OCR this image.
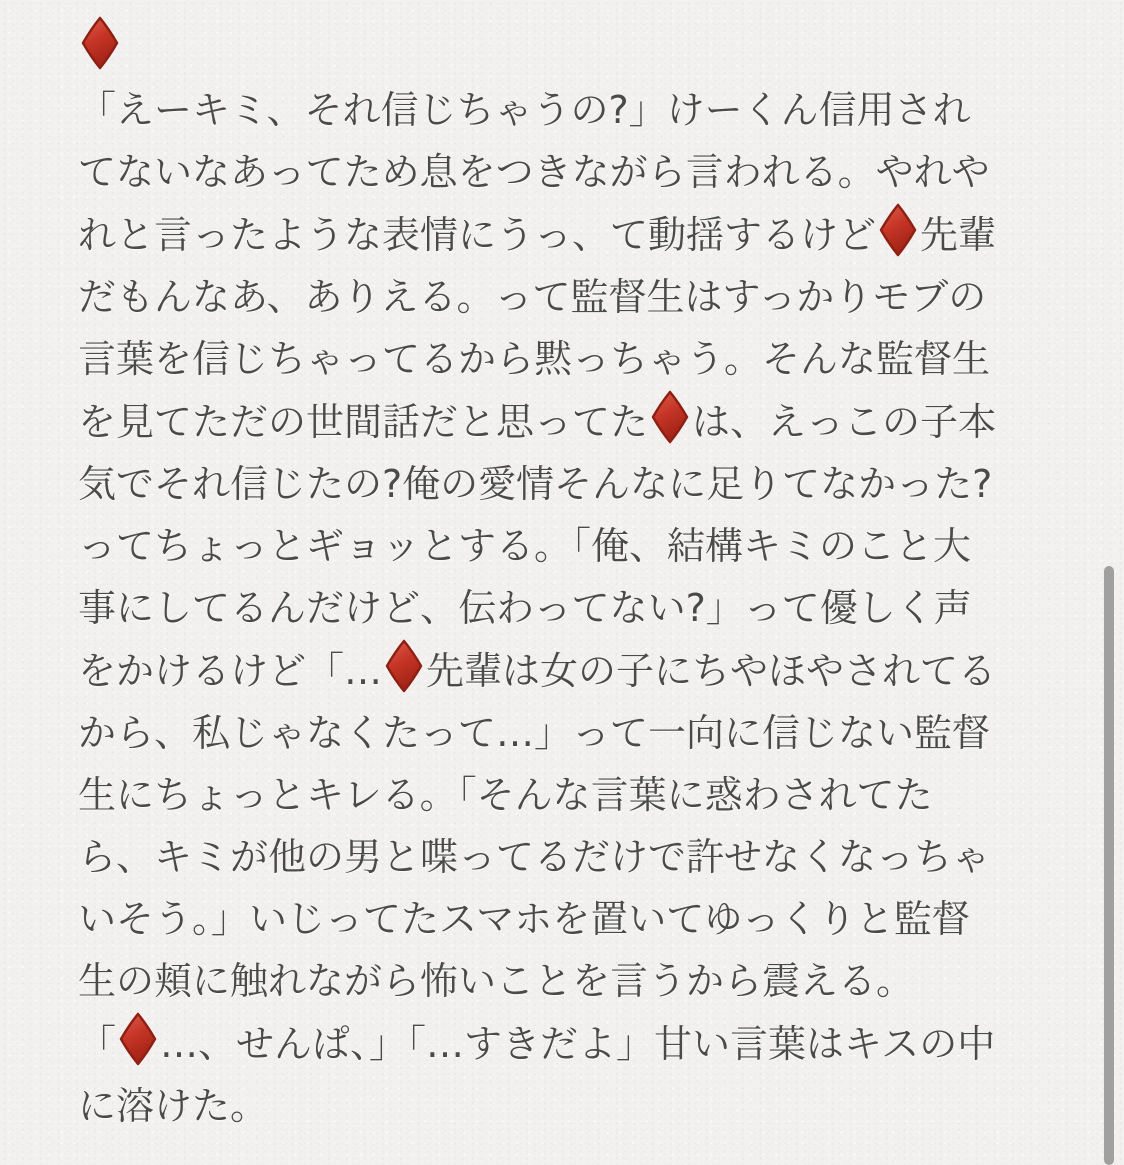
「えーキミ、それ信じちゃうの?」けーくん信用されてないなあってため息をつきながら言われる。やれやれと言ったような表情にうっ、て動揺するけど 先輩だもんなあ、ありえる。って監督生はすっかりモブの言葉を信じちゃってるから黙っちゃう。そんな監督生を見てただの世間話だと思ってた は、えっこの子本気でそれ信じたの?俺の愛情そんなに足りてなかった?ってちょっとギョッとする。「俺、結構キミのこと大事にしてるんだけど、伝わってない?」って優しく声をかけるけど「… 先輩は女の子にちやほやされてるから、私じゃなくたって…」って一向に信じない監督生にちょっとキレる。「そんな言葉に惑わされてたら、キミが他の男と喋ってるだけで許せなくなっちゃいそう。」いじってたスマホを置いてゆっくりと監督生の頬に触れながら怖いことを言うから震える。

「 …、せんぱ、」「…すきだよ」甘い言葉はキスの中に溶けた。
